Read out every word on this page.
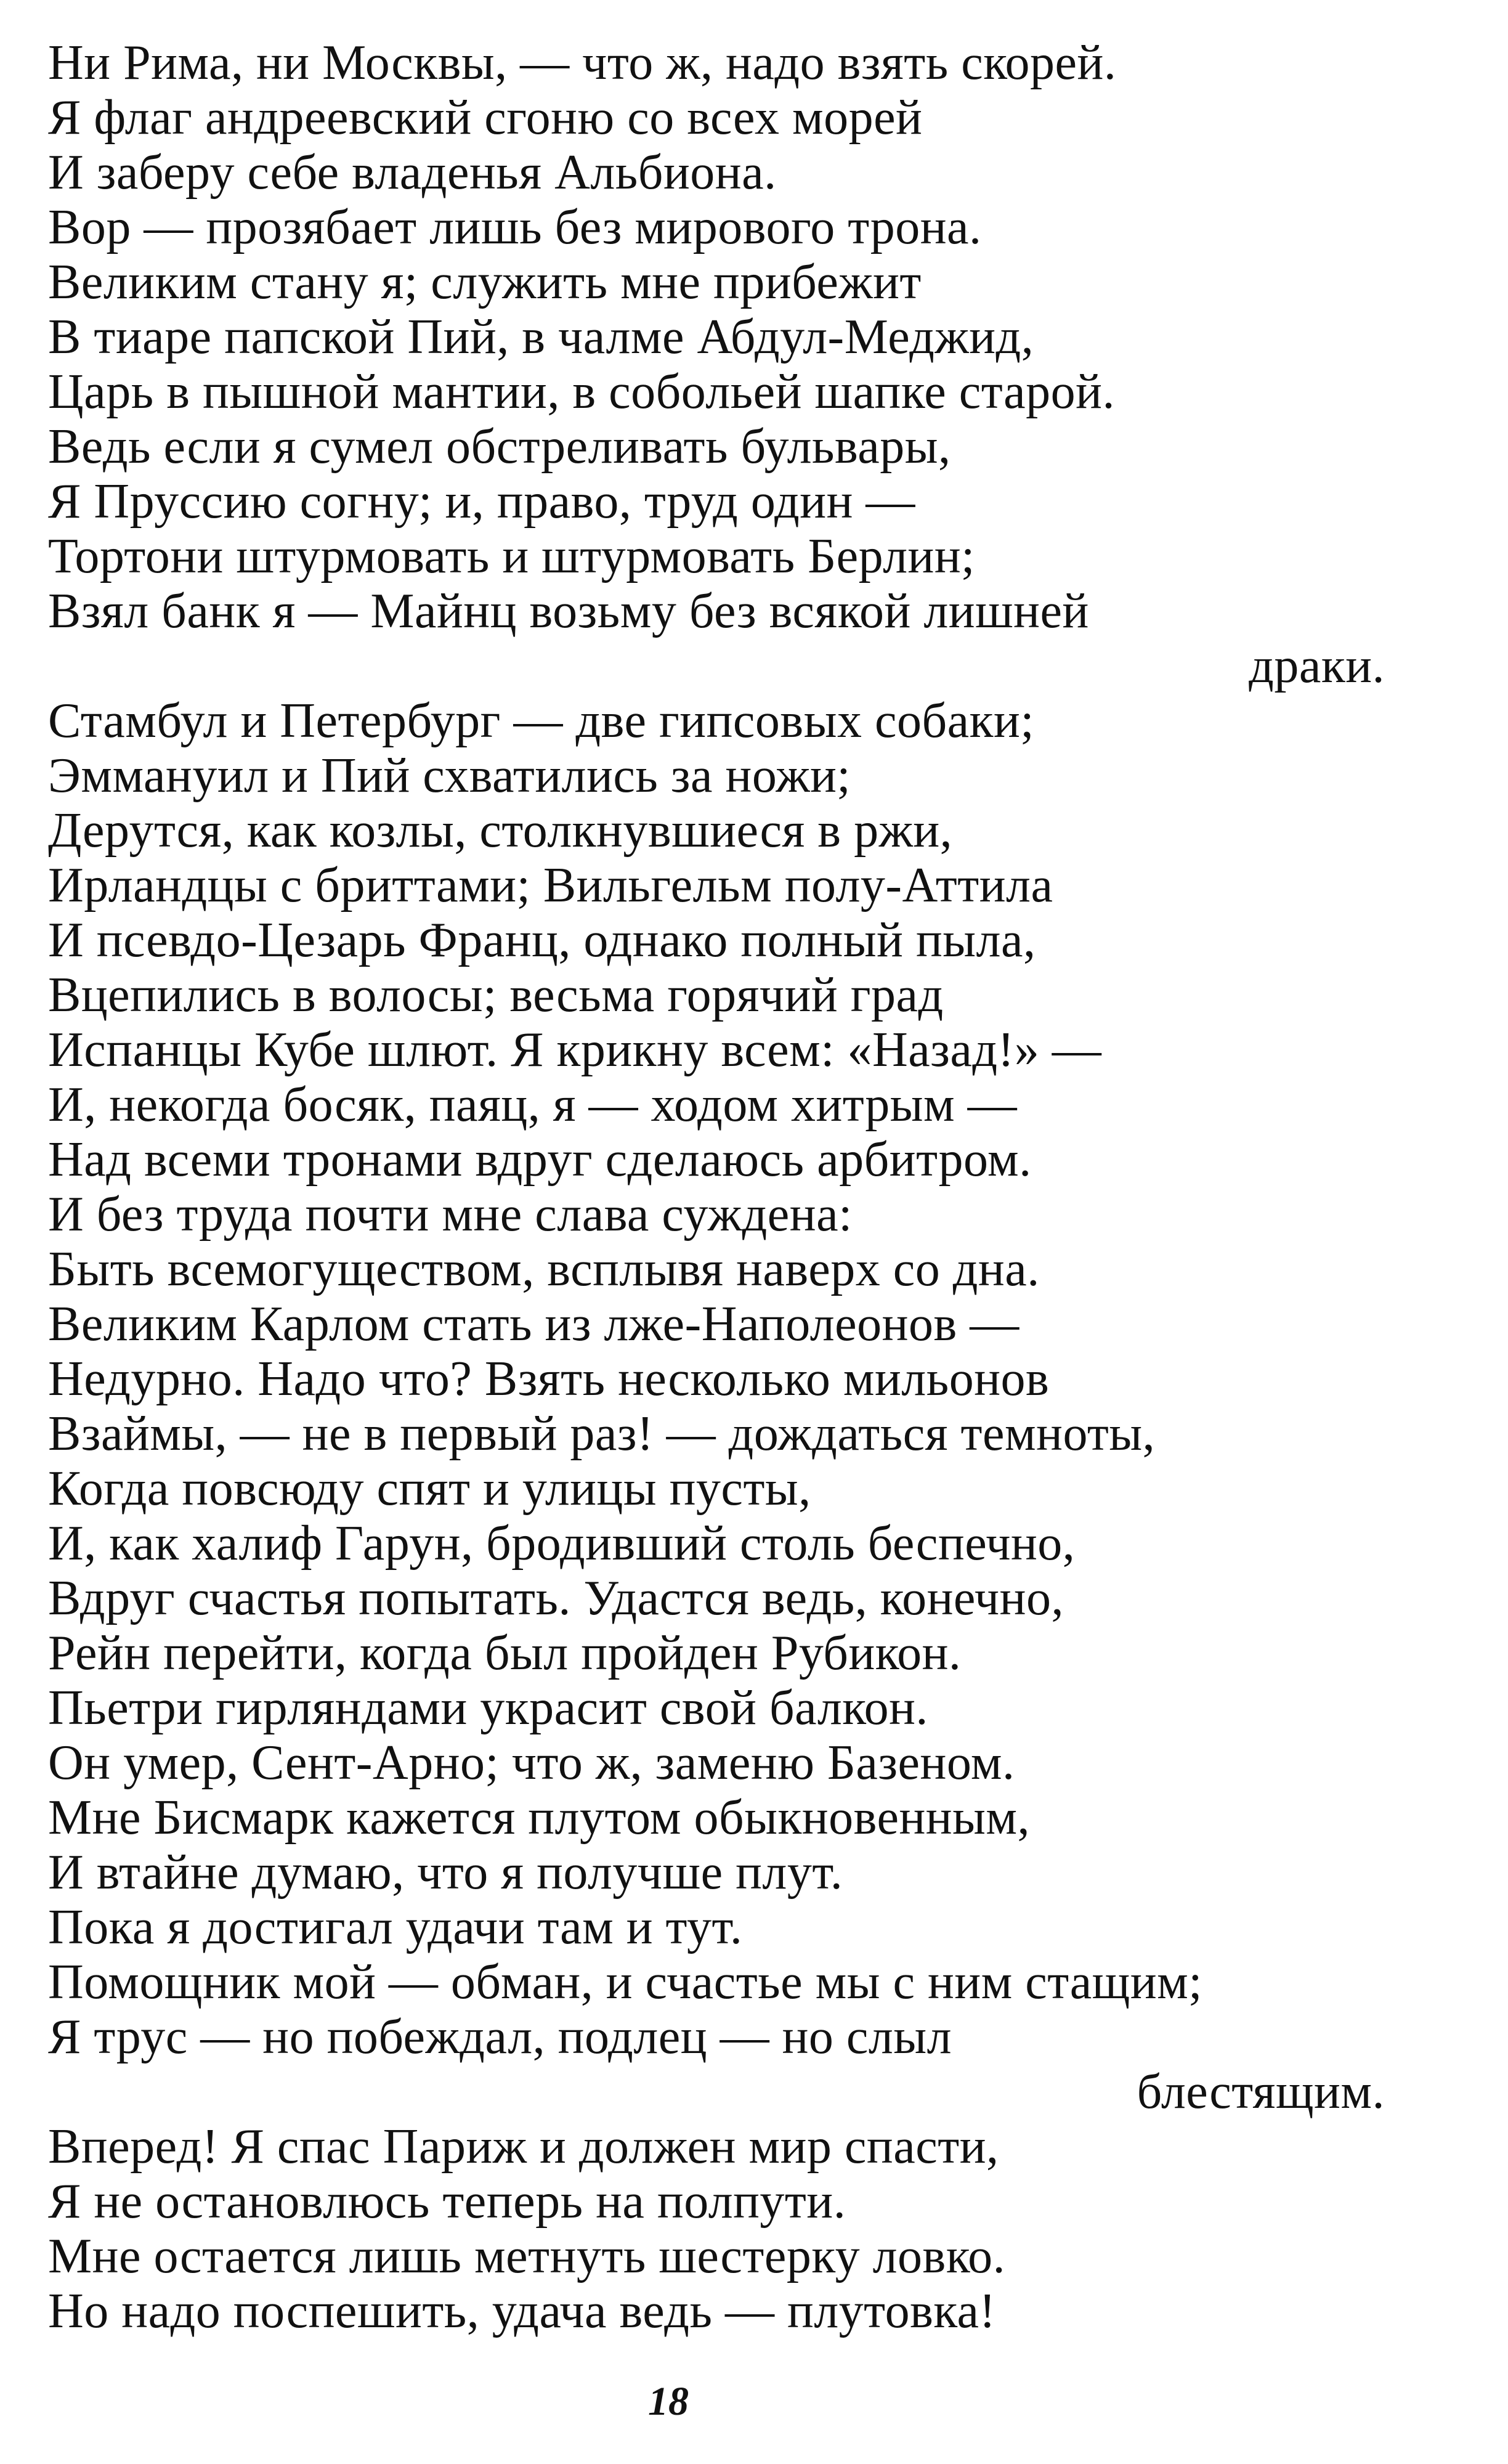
Ни Рима, ни Москвы, — что ж, надо взять скорей.
Я флаг андреевский сгоню со всех морей
И заберу себе владенья Альбиона.
Вор — прозябает лишь без мирового трона.
Великим стану я; служить мне прибежит
В тиаре папской Пий, в чалме Абдул-Меджид,
Царь в пышной мантии, в собольей шапке старой.
Ведь если я сумел обстреливать бульвары,
Я Пруссию согну; и, право, труд один —
Тортони штурмовать и штурмовать Берлин;
Взял банк я — Майнц возьму без всякой лишней
драки.
Стамбул и Петербург — две гипсовых собаки;
Эммануил и Пий схватились за ножи;
Дерутся, как козлы, столкнувшиеся в ржи,
Ирландцы с бриттами; Вильгельм полу-Аттила
И псевдо-Цезарь Франц, однако полный пыла,
Вцепились в волосы; весьма горячий град
Испанцы Кубе шлют. Я крикну всем: «Назад!» —
И, некогда босяк, паяц, я — ходом хитрым —
Над всеми тронами вдруг сделаюсь арбитром.
И без труда почти мне слава суждена:
Быть всемогуществом, всплывя наверх со дна.
Великим Карлом стать из лже-Наполеонов —
Недурно. Надо что? Взять несколько мильонов
Взаймы, — не в первый раз! — дождаться темноты,
Когда повсюду спят и улицы пусты,
И, как халиф Гарун, бродивший столь беспечно,
Вдруг счастья попытать. Удастся ведь, конечно,
Рейн перейти, когда был пройден Рубикон.
Пьетри гирляндами украсит свой балкон.
Он умер, Сент-Арно; что ж, заменю Базеном.
Мне Бисмарк кажется плутом обыкновенным,
И втайне думаю, что я получше плут.
Пока я достигал удачи там и тут.
Помощник мой — обман, и счастье мы с ним стащим;
Я трус — но побеждал, подлец — но слыл
блестящим.
Вперед! Я спас Париж и должен мир спасти,
Я не остановлюсь теперь на полпути.
Мне остается лишь метнуть шестерку ловко.
Но надо поспешить, удача ведь — плутовка!
18
